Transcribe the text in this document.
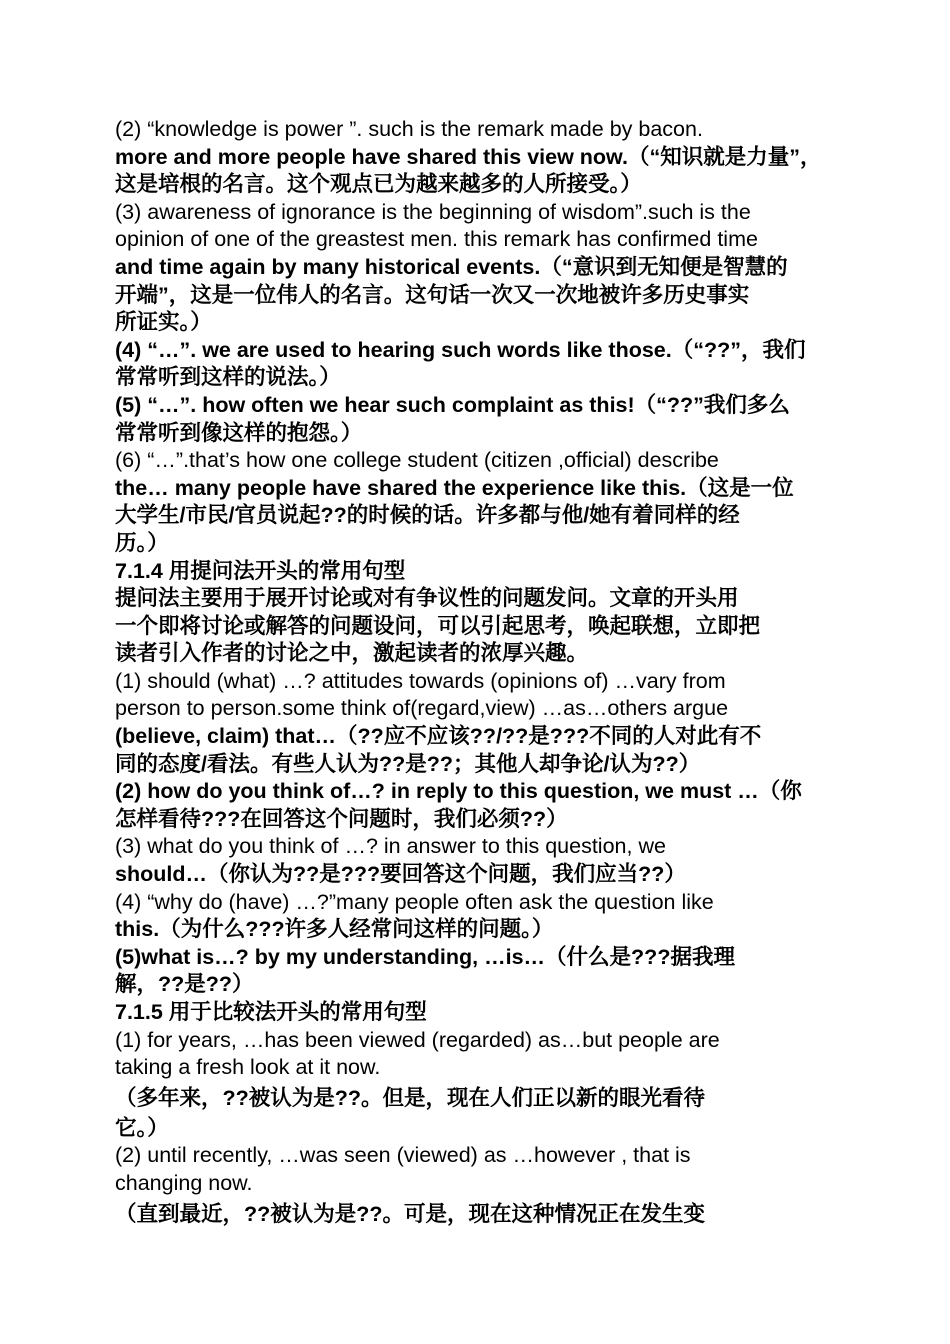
(2) “knowledge is power ”. such is the remark made by bacon.
more and more people have shared this view now.（“知识就是力量”，
这是培根的名言。这个观点已为越来越多的人所接受。）
(3) awareness of ignorance is the beginning of wisdom”.such is the
opinion of one of the greastest men. this remark has confirmed time
and time again by many historical events.（“意识到无知便是智慧的
开端”，这是一位伟人的名言。这句话一次又一次地被许多历史事实
所证实。）
(4) “…”. we are used to hearing such words like those.（“??”，我们
常常听到这样的说法。）
(5) “…”. how often we hear such complaint as this!（“??”我们多么
常常听到像这样的抱怨。）
(6) “…”.that’s how one college student (citizen ,official) describe
the… many people have shared the experience like this.（这是一位
大学生/市民/官员说起??的时候的话。许多都与他/她有着同样的经
历。）
7.1.4 用提问法开头的常用句型
提问法主要用于展开讨论或对有争议性的问题发问。文章的开头用
一个即将讨论或解答的问题设问，可以引起思考，唤起联想，立即把
读者引入作者的讨论之中，激起读者的浓厚兴趣。
(1) should (what) …? attitudes towards (opinions of) …vary from
person to person.some think of(regard,view) …as…others argue
(believe, claim) that…（??应不应该??/??是???不同的人对此有不
同的态度/看法。有些人认为??是??；其他人却争论/认为??）
(2) how do you think of…? in reply to this question, we must …（你
怎样看待???在回答这个问题时，我们必须??）
(3) what do you think of …? in answer to this question, we
should…（你认为??是???要回答这个问题，我们应当??）
(4) “why do (have) …?”many people often ask the question like
this.（为什么???许多人经常问这样的问题。）
(5)what is…? by my understanding, …is…（什么是???据我理
解，??是??）
7.1.5 用于比较法开头的常用句型
(1) for years, …has been viewed (regarded) as…but people are
taking a fresh look at it now.
（多年来，??被认为是??。但是，现在人们正以新的眼光看待
它。）
(2) until recently, …was seen (viewed) as …however , that is
changing now.
（直到最近，??被认为是??。可是，现在这种情况正在发生变
